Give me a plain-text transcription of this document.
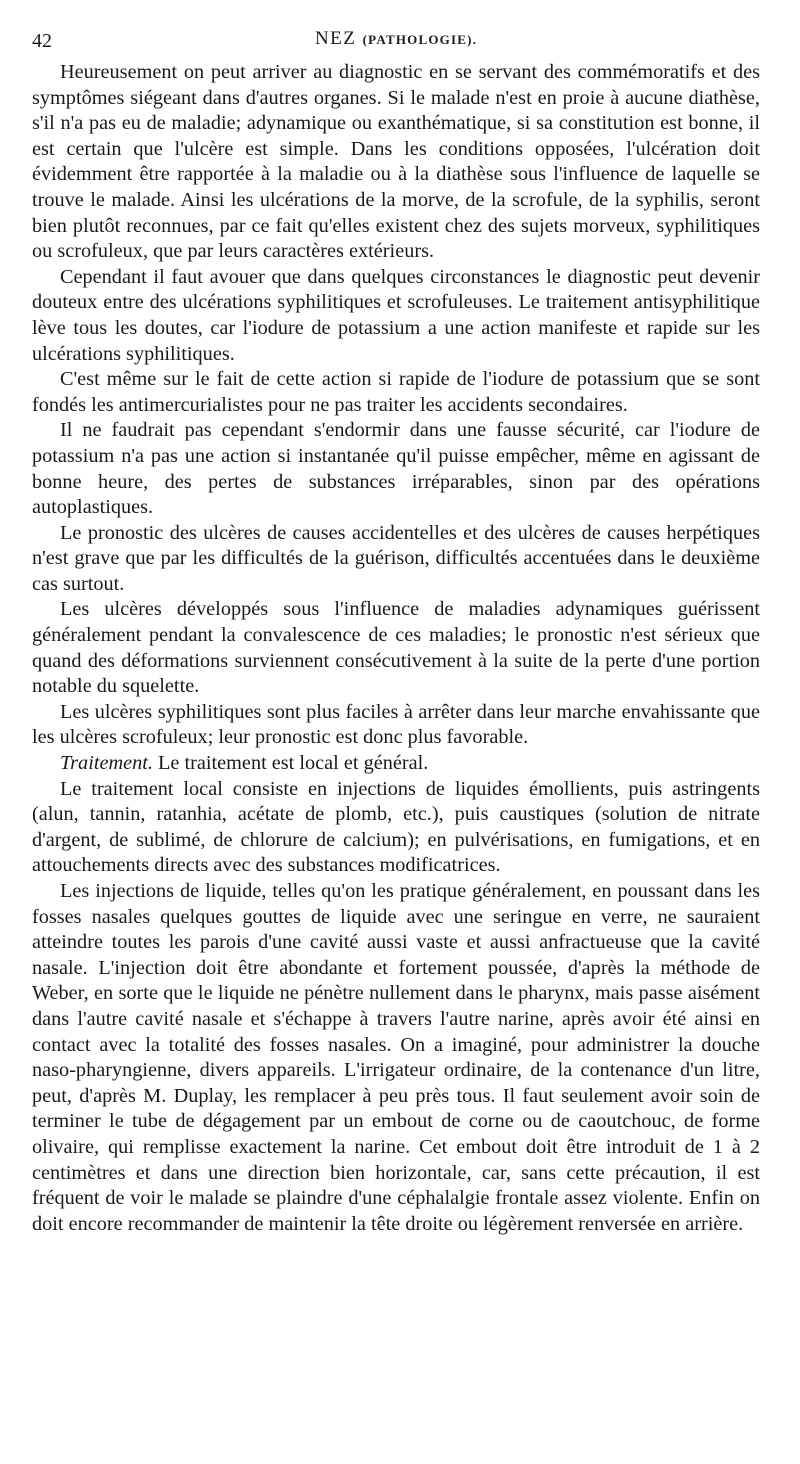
42	NEZ (PATHOLOGIE).

Heureusement on peut arriver au diagnostic en se servant des commémoratifs et des symptômes siégeant dans d'autres organes. Si le malade n'est en proie à aucune diathèse, s'il n'a pas eu de maladie; adynamique ou exanthématique, si sa constitution est bonne, il est certain que l'ulcère est simple. Dans les conditions opposées, l'ulcération doit évidemment être rapportée à la maladie ou à la diathèse sous l'influence de laquelle se trouve le malade. Ainsi les ulcérations de la morve, de la scrofule, de la syphilis, seront bien plutôt reconnues, par ce fait qu'elles existent chez des sujets morveux, syphilitiques ou scrofuleux, que par leurs caractères extérieurs.

Cependant il faut avouer que dans quelques circonstances le diagnostic peut devenir douteux entre des ulcérations syphilitiques et scrofuleuses. Le traitement antisyphilitique lève tous les doutes, car l'iodure de potassium a une action manifeste et rapide sur les ulcérations syphilitiques.

C'est même sur le fait de cette action si rapide de l'iodure de potassium que se sont fondés les antimercurialistes pour ne pas traiter les accidents secondaires.

Il ne faudrait pas cependant s'endormir dans une fausse sécurité, car l'iodure de potassium n'a pas une action si instantanée qu'il puisse empêcher, même en agissant de bonne heure, des pertes de substances irréparables, sinon par des opérations autoplastiques.

Le pronostic des ulcères de causes accidentelles et des ulcères de causes herpétiques n'est grave que par les difficultés de la guérison, difficultés accentuées dans le deuxième cas surtout.

Les ulcères développés sous l'influence de maladies adynamiques guérissent généralement pendant la convalescence de ces maladies; le pronostic n'est sérieux que quand des déformations surviennent consécutivement à la suite de la perte d'une portion notable du squelette.

Les ulcères syphilitiques sont plus faciles à arrêter dans leur marche envahissante que les ulcères scrofuleux; leur pronostic est donc plus favorable.

Traitement. Le traitement est local et général.

Le traitement local consiste en injections de liquides émollients, puis astringents (alun, tannin, ratanhia, acétate de plomb, etc.), puis caustiques (solution de nitrate d'argent, de sublimé, de chlorure de calcium); en pulvérisations, en fumigations, et en attouchements directs avec des substances modificatrices.

Les injections de liquide, telles qu'on les pratique généralement, en poussant dans les fosses nasales quelques gouttes de liquide avec une seringue en verre, ne sauraient atteindre toutes les parois d'une cavité aussi vaste et aussi anfractueuse que la cavité nasale. L'injection doit être abondante et fortement poussée, d'après la méthode de Weber, en sorte que le liquide ne pénètre nullement dans le pharynx, mais passe aisément dans l'autre cavité nasale et s'échappe à travers l'autre narine, après avoir été ainsi en contact avec la totalité des fosses nasales. On a imaginé, pour administrer la douche naso-pharyngienne, divers appareils. L'irrigateur ordinaire, de la contenance d'un litre, peut, d'après M. Duplay, les remplacer à peu près tous. Il faut seulement avoir soin de terminer le tube de dégagement par un embout de corne ou de caoutchouc, de forme olivaire, qui remplisse exactement la narine. Cet embout doit être introduit de 1 à 2 centimètres et dans une direction bien horizontale, car, sans cette précaution, il est fréquent de voir le malade se plaindre d'une céphalalgie frontale assez violente. Enfin on doit encore recommander de maintenir la tête droite ou légèrement renversée en arrière.
